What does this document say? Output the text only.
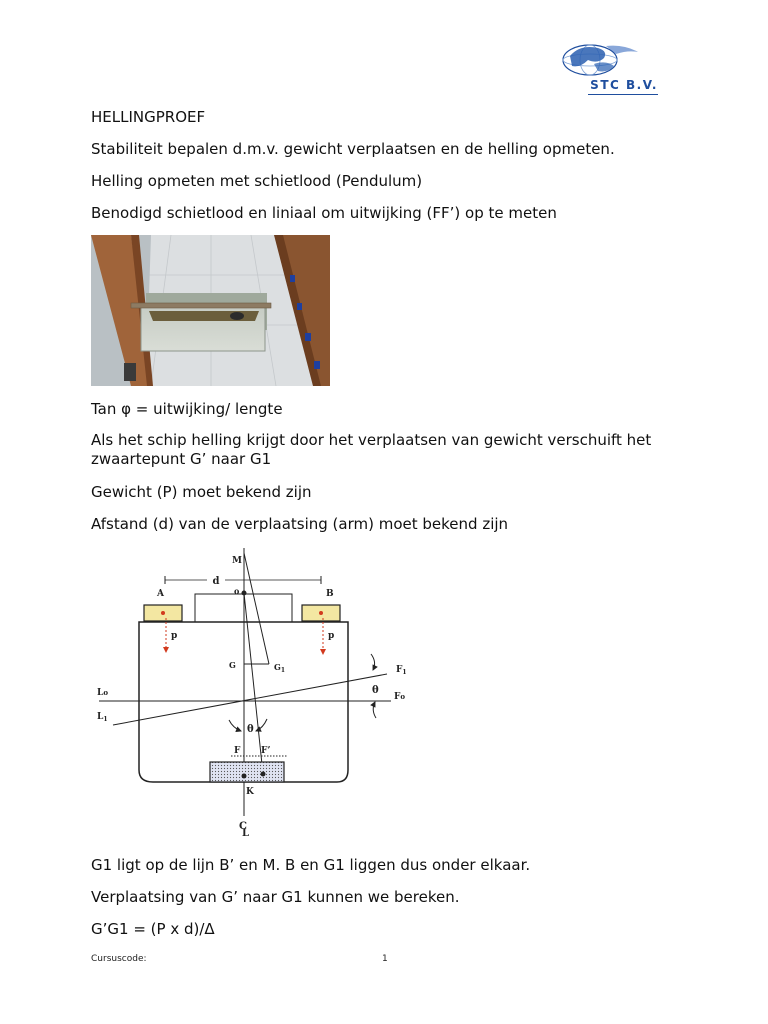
STC B.V.

HELLINGPROEF

Stabiliteit bepalen d.m.v. gewicht verplaatsen en de helling opmeten.

Helling opmeten met schietlood (Pendulum)

Benodigd schietlood en liniaal om uitwijking (FF’) op te meten

Tan φ = uitwijking/ lengte

Als het schip helling krijgt door het verplaatsen van gewicht verschuift het zwaartepunt G’ naar G1

Gewicht (P) moet bekend zijn

Afstand (d) van de verplaatsing (arm) moet bekend zijn

d
A	B
p	p
M
o
G	$G_1$
Lo	Fo
$L_1$
$F_1$
θ
θ
F F’
K
C
L

G1 ligt op de lijn B’ en M. B en G1 liggen dus onder elkaar.

Verplaatsing van G’ naar G1 kunnen we bereken.

G’G1 = (P x d)/Δ

Cursuscode:	1
